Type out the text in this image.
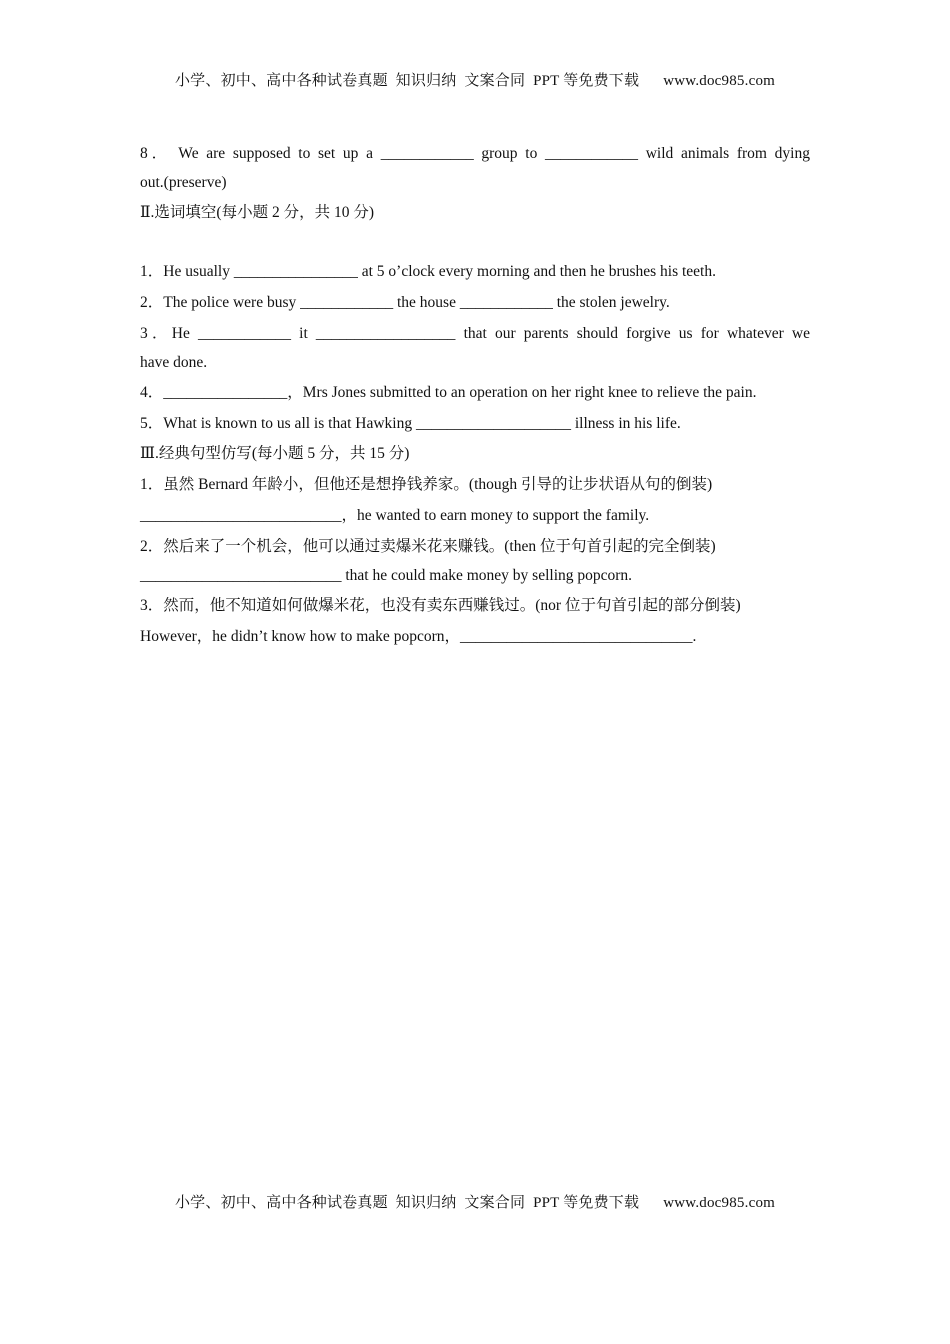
小学、初中、高中各种试卷真题  知识归纳  文案合同  PPT 等免费下载 www.doc985.com
8． We are supposed to set up a ____________ group to ____________ wild animals from dying
out.(preserve)
Ⅱ.选词填空(每小题 2 分，共 10 分)
1．He usually ________________ at 5 o’clock every morning and then he brushes his teeth.
2．The police were busy ____________ the house ____________ the stolen jewelry.
3．He ____________ it __________________ that our parents should forgive us for whatever we
have done.
4．________________，Mrs Jones submitted to an operation on her right knee to relieve the pain.
5．What is known to us all is that Hawking ____________________ illness in his life.
Ⅲ.经典句型仿写(每小题 5 分，共 15 分)
1．虽然 Bernard 年龄小，但他还是想挣钱养家。(though 引导的让步状语从句的倒装)
__________________________，he wanted to earn money to support the family.
2．然后来了一个机会，他可以通过卖爆米花来赚钱。(then 位于句首引起的完全倒装)
__________________________ that he could make money by selling popcorn.
3．然而，他不知道如何做爆米花，也没有卖东西赚钱过。(nor 位于句首引起的部分倒装)
However，he didn’t know how to make popcorn，______________________________.
小学、初中、高中各种试卷真题  知识归纳  文案合同  PPT 等免费下载 www.doc985.com
